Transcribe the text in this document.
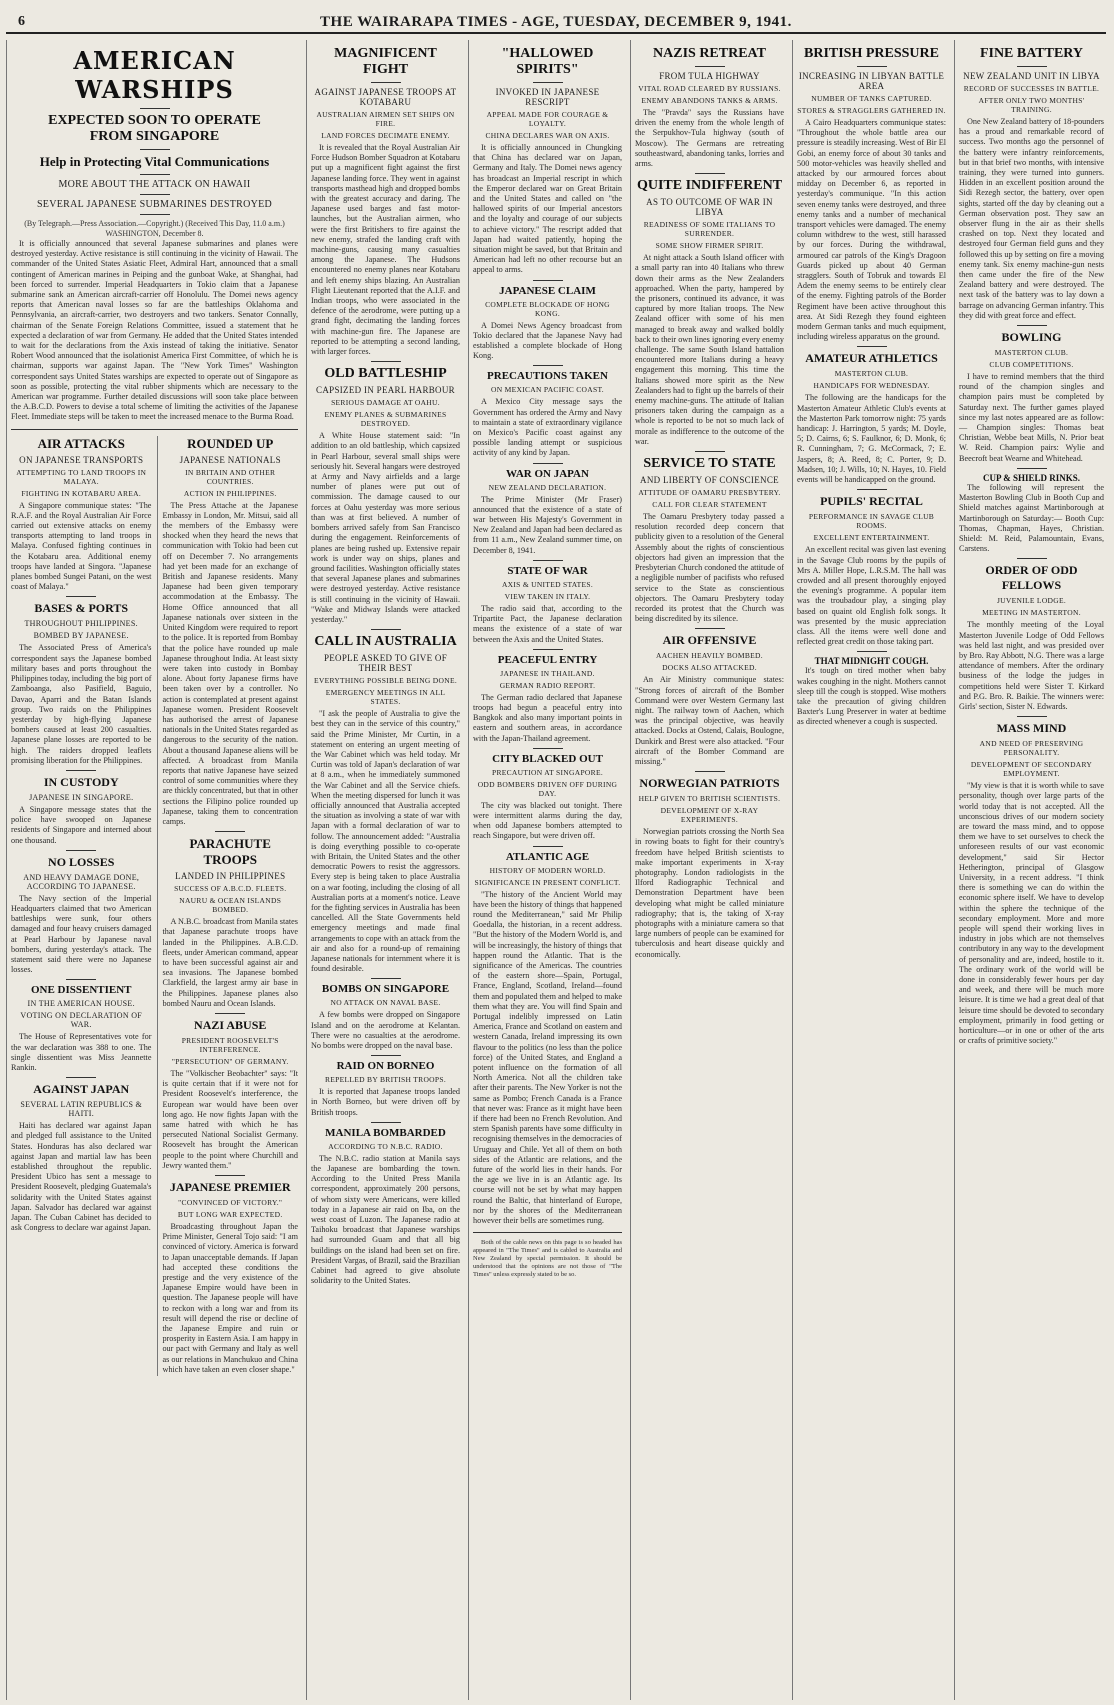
6	THE WAIRARAPA TIMES - AGE, TUESDAY, DECEMBER 9, 1941.
AMERICAN WARSHIPS
EXPECTED SOON TO OPERATE FROM SINGAPORE
Help in Protecting Vital Communications
MORE ABOUT THE ATTACK ON HAWAII
SEVERAL JAPANESE SUBMARINES DESTROYED
(By Telegraph.—Press Association.—Copyright.) (Received This Day, 11.0 a.m.) WASHINGTON, December 8.

It is officially announced that several Japanese submarines and planes were destroyed yesterday. Active resistance is still continuing in the vicinity of Hawaii. The commander of the United States Asiatic Fleet, Admiral Hart, announced that a small contingent of American marines in Peiping and the gunboat Wake, at Shanghai, had been forced to surrender. Imperial Headquarters in Tokio claim that a Japanese submarine sank an American aircraft-carrier off Honolulu. The Domei news agency reports that American naval losses so far are the battleships Oklahoma and Pennsylvania, an aircraft-carrier, two destroyers and two tankers. Senator Connally, chairman of the Senate Foreign Relations Committee, issued a statement that he expected a declaration of war from Germany. He added that the United States intended to wait for the declarations from the Axis instead of taking the initiative. Senator Robert Wood announced that the isolationist America First Committee, of which he is chairman, supports war against Japan. The "New York Times" Washington correspondent says United States warships are expected to operate out of Singapore as soon as possible, protecting the vital rubber shipments which are necessary to the American war programme. Further detailed discussions will soon take place between the A.B.C.D. Powers to devise a total scheme of limiting the activities of the Japanese Fleet. Immediate steps will be taken to meet the increased menace to the Burma Road.

AIR ATTACKS
ON JAPANESE TRANSPORTS
ATTEMPTING TO LAND TROOPS IN MALAYA.
FIGHTING IN KOTABARU AREA.

A Singapore communique states: "The R.A.F. and the Royal Australian Air Force carried out extensive attacks on enemy transports attempting to land troops in Malaya. Confused fighting continues in the Kotabaru area. Additional enemy troops have landed at Singora. "Japanese planes bombed Sungei Patani, on the west coast of Malaya."

BASES & PORTS
THROUGHOUT PHILIPPINES.
BOMBED BY JAPANESE.

The Associated Press of America's correspondent says the Japanese bombed military bases and ports throughout the Philippines today, including the big port of Zamboanga, also Pasifield, Baguio, Davao, Aparri and the Batan Islands group. Two raids on the Philippines yesterday by high-flying Japanese bombers caused at least 200 casualties. Japanese plane losses are reported to be high. The raiders dropped leaflets promising liberation for the Philippines.

IN CUSTODY
JAPANESE IN SINGAPORE.

A Singapore message states that the police have swooped on Japanese residents of Singapore and interned about one thousand.

NO LOSSES
AND HEAVY DAMAGE DONE, ACCORDING TO JAPANESE.

The Navy section of the Imperial Headquarters claimed that two American battleships were sunk, four others damaged and four heavy cruisers damaged at Pearl Harbour by Japanese naval bombers, during yesterday's attack. The statement said there were no Japanese losses.

ONE DISSENTIENT
IN THE AMERICAN HOUSE.
VOTING ON DECLARATION OF WAR.

The House of Representatives vote for the war declaration was 388 to one. The single dissentient was Miss Jeannette Rankin.

AGAINST JAPAN
SEVERAL LATIN REPUBLICS & HAITI.

Haiti has declared war against Japan and pledged full assistance to the United States. Honduras has also declared war against Japan and martial law has been established throughout the republic. President Ubico has sent a message to President Roosevelt, pledging Guatemala's solidarity with the United States against Japan. Salvador has declared war against Japan. The Cuban Cabinet has decided to ask Congress to declare war against Japan.

ROUNDED UP
JAPANESE NATIONALS
IN BRITAIN AND OTHER COUNTRIES.
ACTION IN PHILIPPINES.

The Press Attache at the Japanese Embassy in London, Mr. Mitsui, said all the members of the Embassy were shocked when they heard the news that communication with Tokio had been cut off on December 7. No arrangements had yet been made for an exchange of British and Japanese residents. Many Japanese had been given temporary accommodation at the Embassy. The Home Office announced that all Japanese nationals over sixteen in the United Kingdom were required to report to the police. It is reported from Bombay that the police have rounded up male Japanese throughout India. At least sixty were taken into custody in Bombay alone. About forty Japanese firms have been taken over by a controller. No action is contemplated at present against Japanese women. President Roosevelt has authorised the arrest of Japanese nationals in the United States regarded as dangerous to the security of the nation. About a thousand Japanese aliens will be affected. A broadcast from Manila reports that native Japanese have seized control of some communities where they are thickly concentrated, but that in other sections the Filipino police rounded up Japanese, taking them to concentration camps.

PARACHUTE TROOPS
LANDED IN PHILIPPINES
SUCCESS OF A.B.C.D. FLEETS.
NAURU & OCEAN ISLANDS BOMBED.

A N.B.C. broadcast from Manila states that Japanese parachute troops have landed in the Philippines. A.B.C.D. fleets, under American command, appear to have been successful against air and sea invasions. The Japanese bombed Clarkfield, the largest army air base in the Philippines. Japanese planes also bombed Nauru and Ocean Islands.

NAZI ABUSE
PRESIDENT ROOSEVELT'S INTERFERENCE.
"PERSECUTION" OF GERMANY.

The "Volkischer Beobachter" says: "It is quite certain that if it were not for President Roosevelt's interference, the European war would have been over long ago. He now fights Japan with the same hatred with which he has persecuted National Socialist Germany. Roosevelt has brought the American people to the point where Churchill and Jewry wanted them."

JAPANESE PREMIER
"CONVINCED OF VICTORY."
BUT LONG WAR EXPECTED.

Broadcasting throughout Japan the Prime Minister, General Tojo said: "I am convinced of victory. America is forward to Japan unacceptable demands. If Japan had accepted these conditions the prestige and the very existence of the Japanese Empire would have been in question. The Japanese people will have to reckon with a long war and from its result will depend the rise or decline of the Japanese Empire and ruin or prosperity in Eastern Asia. I am happy in our pact with Germany and Italy as well as our relations in Manchukuo and China which have taken an even closer shape."

MAGNIFICENT FIGHT
AGAINST JAPANESE TROOPS AT KOTABARU
AUSTRALIAN AIRMEN SET SHIPS ON FIRE.
LAND FORCES DECIMATE ENEMY.

It is revealed that the Royal Australian Air Force Hudson Bomber Squadron at Kotabaru put up a magnificent fight against the first Japanese landing force. They went in against transports masthead high and dropped bombs with the greatest accuracy and daring. The Japanese used barges and fast motor-launches, but the Australian airmen, who were the first Britishers to fire against the new enemy, strafed the landing craft with machine-guns, causing many casualties among the Japanese. The Hudsons encountered no enemy planes near Kotabaru and left enemy ships blazing. An Australian Flight Lieutenant reported that the A.I.F. and Indian troops, who were associated in the defence of the aerodrome, were putting up a grand fight, decimating the landing forces with machine-gun fire. The Japanese are reported to be attempting a second landing, with larger forces.

OLD BATTLESHIP
CAPSIZED IN PEARL HARBOUR
SERIOUS DAMAGE AT OAHU.
ENEMY PLANES & SUBMARINES DESTROYED.

A White House statement said: "In addition to an old battleship, which capsized in Pearl Harbour, several small ships were seriously hit. Several hangars were destroyed at Army and Navy airfields and a large number of planes were put out of commission. The damage caused to our forces at Oahu yesterday was more serious than was at first believed. A number of bombers arrived safely from San Francisco during the engagement. Reinforcements of planes are being rushed up. Extensive repair work is under way on ships, planes and ground facilities. Washington officially states that several Japanese planes and submarines were destroyed yesterday. Active resistance is still continuing in the vicinity of Hawaii. "Wake and Midway Islands were attacked yesterday."

CALL IN AUSTRALIA
PEOPLE ASKED TO GIVE OF THEIR BEST
EVERYTHING POSSIBLE BEING DONE.
EMERGENCY MEETINGS IN ALL STATES.

"I ask the people of Australia to give the best they can in the service of this country," said the Prime Minister, Mr Curtin, in a statement on entering an urgent meeting of the War Cabinet which was held today. Mr Curtin was told of Japan's declaration of war at 8 a.m., when he immediately summoned the War Cabinet and all the Service chiefs. When the meeting dispersed for lunch it was officially announced that Australia accepted the situation as involving a state of war with Japan with a formal declaration of war to follow. The announcement added: "Australia is doing everything possible to co-operate with Britain, the United States and the other democratic Powers to resist the aggressors. Every step is being taken to place Australia on a war footing, including the closing of all Australian ports at a moment's notice. Leave for the fighting services in Australia has been cancelled. All the State Governments held emergency meetings and made final arrangements to cope with an attack from the air and also for a round-up of remaining Japanese nationals for internment where it is found desirable.

BOMBS ON SINGAPORE
NO ATTACK ON NAVAL BASE.

A few bombs were dropped on Singapore Island and on the aerodrome at Kelantan. There were no casualties at the aerodrome. No bombs were dropped on the naval base.

RAID ON BORNEO
REPELLED BY BRITISH TROOPS.

It is reported that Japanese troops landed in North Borneo, but were driven off by British troops.

MANILA BOMBARDED
ACCORDING TO N.B.C. RADIO.

The N.B.C. radio station at Manila says the Japanese are bombarding the town. According to the United Press Manila correspondent, approximately 200 persons, of whom sixty were Americans, were killed today in a Japanese air raid on Iba, on the west coast of Luzon. The Japanese radio at Taihoku broadcast that Japanese warships had surrounded Guam and that all big buildings on the island had been set on fire. President Vargas, of Brazil, said the Brazilian Cabinet had agreed to give absolute solidarity to the United States.

"HALLOWED SPIRITS"
INVOKED IN JAPANESE RESCRIPT
APPEAL MADE FOR COURAGE & LOYALTY.
CHINA DECLARES WAR ON AXIS.

It is officially announced in Chungking that China has declared war on Japan, Germany and Italy. The Domei news agency has broadcast an Imperial rescript in which the Emperor declared war on Great Britain and the United States and called on "the hallowed spirits of our Imperial ancestors and the loyalty and courage of our subjects to achieve victory." The rescript added that Japan had waited patiently, hoping the situation might be saved, but that Britain and American had left no other recourse but an appeal to arms.

JAPANESE CLAIM
COMPLETE BLOCKADE OF HONG KONG.

A Domei News Agency broadcast from Tokio declared that the Japanese Navy had established a complete blockade of Hong Kong.

PRECAUTIONS TAKEN
ON MEXICAN PACIFIC COAST.

A Mexico City message says the Government has ordered the Army and Navy to maintain a state of extraordinary vigilance on Mexico's Pacific coast against any possible landing attempt or suspicious activity of any kind by Japan.

WAR ON JAPAN
NEW ZEALAND DECLARATION.

The Prime Minister (Mr Fraser) announced that the existence of a state of war between His Majesty's Government in New Zealand and Japan had been declared as from 11 a.m., New Zealand summer time, on December 8, 1941.

STATE OF WAR
AXIS & UNITED STATES.
VIEW TAKEN IN ITALY.

The radio said that, according to the Tripartite Pact, the Japanese declaration means the existence of a state of war between the Axis and the United States.

PEACEFUL ENTRY
JAPANESE IN THAILAND.
GERMAN RADIO REPORT.

The German radio declared that Japanese troops had begun a peaceful entry into Bangkok and also many important points in eastern and southern areas, in accordance with the Japan-Thailand agreement.

CITY BLACKED OUT
PRECAUTION AT SINGAPORE.
ODD BOMBERS DRIVEN OFF DURING DAY.

The city was blacked out tonight. There were intermittent alarms during the day, when odd Japanese bombers attempted to reach Singapore, but were driven off.

ATLANTIC AGE
HISTORY OF MODERN WORLD.
SIGNIFICANCE IN PRESENT CONFLICT.

"The history of the Ancient World may have been the history of things that happened round the Mediterranean," said Mr Philip Goedalla, the historian, in a recent address. "But the history of the Modern World is, and will be increasingly, the history of things that happen round the Atlantic. That is the significance of the Americas. The countries of the eastern shore—Spain, Portugal, France, England, Scotland, Ireland—found them and populated them and helped to make them what they are. You will find Spain and Portugal indelibly impressed on Latin America, France and Scotland on eastern and western Canada, Ireland impressing its own flavour to the politics (no less than the police force) of the United States, and England a potent influence on the formation of all North America. Not all the children take after their parents. The New Yorker is not the same as Pombo; French Canada is a France that never was: France as it might have been if there had been no French Revolution. And stern Spanish parents have some difficulty in recognising themselves in the democracies of Uruguay and Chile. Yet all of them on both sides of the Atlantic are relations, and the future of the world lies in their hands. For the age we live in is an Atlantic age. Its course will not be set by what may happen round the Baltic, that hinterland of Europe, nor by the shores of the Mediterranean however their bells are sometimes rung.

Both of the cable news on this page is so headed has appeared in "The Times" and is cabled to Australia and New Zealand by special permission. It should be understood that the opinions are not those of "The Times" unless expressly stated to be so.

NAZIS RETREAT
FROM TULA HIGHWAY
VITAL ROAD CLEARED BY RUSSIANS.
ENEMY ABANDONS TANKS & ARMS.

The "Pravda" says the Russians have driven the enemy from the whole length of the Serpukhov-Tula highway (south of Moscow). The Germans are retreating southeastward, abandoning tanks, lorries and arms.

QUITE INDIFFERENT
AS TO OUTCOME OF WAR IN LIBYA
READINESS OF SOME ITALIANS TO SURRENDER.
SOME SHOW FIRMER SPIRIT.

At night attack a South Island officer with a small party ran into 40 Italians who threw down their arms as the New Zealanders approached. When the party, hampered by the prisoners, continued its advance, it was captured by more Italian troops. The New Zealand officer with some of his men managed to break away and walked boldly back to their own lines ignoring every enemy challenge. The same South Island battalion encountered more Italians during a heavy engagement this morning. This time the Italians showed more spirit as the New Zealanders had to fight up the barrels of their enemy machine-guns. The attitude of Italian prisoners taken during the campaign as a whole is reported to be not so much lack of morale as indifference to the outcome of the war.

SERVICE TO STATE
AND LIBERTY OF CONSCIENCE
ATTITUDE OF OAMARU PRESBYTERY.
CALL FOR CLEAR STATEMENT

The Oamaru Presbytery today passed a resolution recorded deep concern that publicity given to a resolution of the General Assembly about the rights of conscientious objectors had given an impression that the Presbyterian Church condoned the attitude of a negligible number of pacifists who refused service to the State as conscientious objectors. The Oamaru Presbytery today recorded its protest that the Church was being discredited by its silence.

AIR OFFENSIVE
AACHEN HEAVILY BOMBED.
DOCKS ALSO ATTACKED.

An Air Ministry communique states: "Strong forces of aircraft of the Bomber Command were over Western Germany last night. The railway town of Aachen, which was the principal objective, was heavily attacked. Docks at Ostend, Calais, Boulogne, Dunkirk and Brest were also attacked. "Four aircraft of the Bomber Command are missing."

NORWEGIAN PATRIOTS
HELP GIVEN TO BRITISH SCIENTISTS.
DEVELOPMENT OF X-RAY EXPERIMENTS.

Norwegian patriots crossing the North Sea in rowing boats to fight for their country's freedom have helped British scientists to make important experiments in X-ray photography. London radiologists in the Ilford Radiographic Technical and Demonstration Department have been developing what might be called miniature radiography; that is, the taking of X-ray photographs with a miniature camera so that large numbers of people can be examined for tuberculosis and heart disease quickly and economically.

BRITISH PRESSURE
INCREASING IN LIBYAN BATTLE AREA
NUMBER OF TANKS CAPTURED.
STORES & STRAGGLERS GATHERED IN.

A Cairo Headquarters communique states: "Throughout the whole battle area our pressure is steadily increasing. West of Bir El Gobi, an enemy force of about 30 tanks and 500 motor-vehicles was heavily shelled and attacked by our armoured forces about midday on December 6, as reported in yesterday's communique. "In this action seven enemy tanks were destroyed, and three enemy tanks and a number of mechanical transport vehicles were damaged. The enemy column withdrew to the west, still harassed by our forces. During the withdrawal, armoured car patrols of the King's Dragoon Guards picked up about 40 German stragglers. South of Tobruk and towards El Adem the enemy seems to be entirely clear of the enemy. Fighting patrols of the Border Regiment have been active throughout this area. At Sidi Rezegh they found eighteen modern German tanks and much equipment, including wireless apparatus on the ground.

AMATEUR ATHLETICS
MASTERTON CLUB.
HANDICAPS FOR WEDNESDAY.

The following are the handicaps for the Masterton Amateur Athletic Club's events at the Masterton Park tomorrow night: 75 yards handicap: J. Harrington, 5 yards; M. Doyle, 5; D. Cairns, 6; S. Faulknor, 6; D. Monk, 6; R. Cunningham, 7; G. McCormack, 7; E. Jaspers, 8; A. Reed, 8; C. Porter, 9; D. Madsen, 10; J. Wills, 10; N. Hayes, 10. Field events will be handicapped on the ground.

PUPILS' RECITAL
PERFORMANCE IN SAVAGE CLUB ROOMS.
EXCELLENT ENTERTAINMENT.

An excellent recital was given last evening in the Savage Club rooms by the pupils of Mrs A. Miller Hope, L.R.S.M. The hall was crowded and all present thoroughly enjoyed the evening's programme. A popular item was the troubadour play, a singing play based on quaint old English folk songs. It was presented by the music appreciation class. All the items were well done and reflected great credit on those taking part.

THAT MIDNIGHT COUGH.

It's tough on tired mother when baby wakes coughing in the night. Mothers cannot sleep till the cough is stopped. Wise mothers take the precaution of giving children Baxter's Lung Preserver in water at bedtime as directed whenever a cough is suspected.

FINE BATTERY
NEW ZEALAND UNIT IN LIBYA
RECORD OF SUCCESSES IN BATTLE.
AFTER ONLY TWO MONTHS' TRAINING.

One New Zealand battery of 18-pounders has a proud and remarkable record of success. Two months ago the personnel of the battery were infantry reinforcements, but in that brief two months, with intensive training, they were turned into gunners. Hidden in an excellent position around the Sidi Rezegh sector, the battery, over open sights, started off the day by cleaning out a German observation post. They saw an observer flung in the air as their shells crashed on top. Next they located and destroyed four German field guns and they followed this up by setting on fire a moving enemy tank. Six enemy machine-gun nests then came under the fire of the New Zealand battery and were destroyed. The next task of the battery was to lay down a barrage on advancing German infantry. This they did with great force and effect.

BOWLING
MASTERTON CLUB.
CLUB COMPETITIONS.

I have to remind members that the third round of the champion singles and champion pairs must be completed by Saturday next. The further games played since my last notes appeared are as follow:— Champion singles: Thomas beat Christian, Webbe beat Mills, N. Prior beat W. Reid. Champion pairs: Wylie and Beecroft beat Wearne and Whitehead.

CUP & SHIELD RINKS.

The following will represent the Masterton Bowling Club in Booth Cup and Shield matches against Martinborough at Martinborough on Saturday:— Booth Cup: Thomas, Chapman, Hayes, Christian. Shield: M. Reid, Palamountain, Evans, Carstens.

ORDER OF ODD FELLOWS
JUVENILE LODGE.
MEETING IN MASTERTON.

The monthly meeting of the Loyal Masterton Juvenile Lodge of Odd Fellows was held last night, and was presided over by Bro. Ray Abbott, N.G. There was a large attendance of members. After the ordinary business of the lodge the judges in competitions held were Sister T. Kirkard and P.G. Bro. R. Baikie. The winners were: Girls' section, Sister N. Edwards.

MASS MIND
AND NEED OF PRESERVING PERSONALITY.
DEVELOPMENT OF SECONDARY EMPLOYMENT.

"My view is that it is worth while to save personality, though over large parts of the world today that is not accepted. All the unconscious drives of our modern society are toward the mass mind, and to oppose them we have to set ourselves to check the unforeseen results of our vast economic development," said Sir Hector Hetherington, principal of Glasgow University, in a recent address. "I think there is something we can do within the economic sphere itself. We have to develop within the sphere the technique of the secondary employment. More and more people will spend their working lives in industry in jobs which are not themselves contributory in any way to the development of personality and are, indeed, hostile to it. The ordinary work of the world will be done in considerably fewer hours per day and week, and there will be much more leisure. It is time we had a great deal of that leisure time should be devoted to secondary employment, primarily in food getting or horticulture—or in one or other of the arts or crafts of primitive society."
